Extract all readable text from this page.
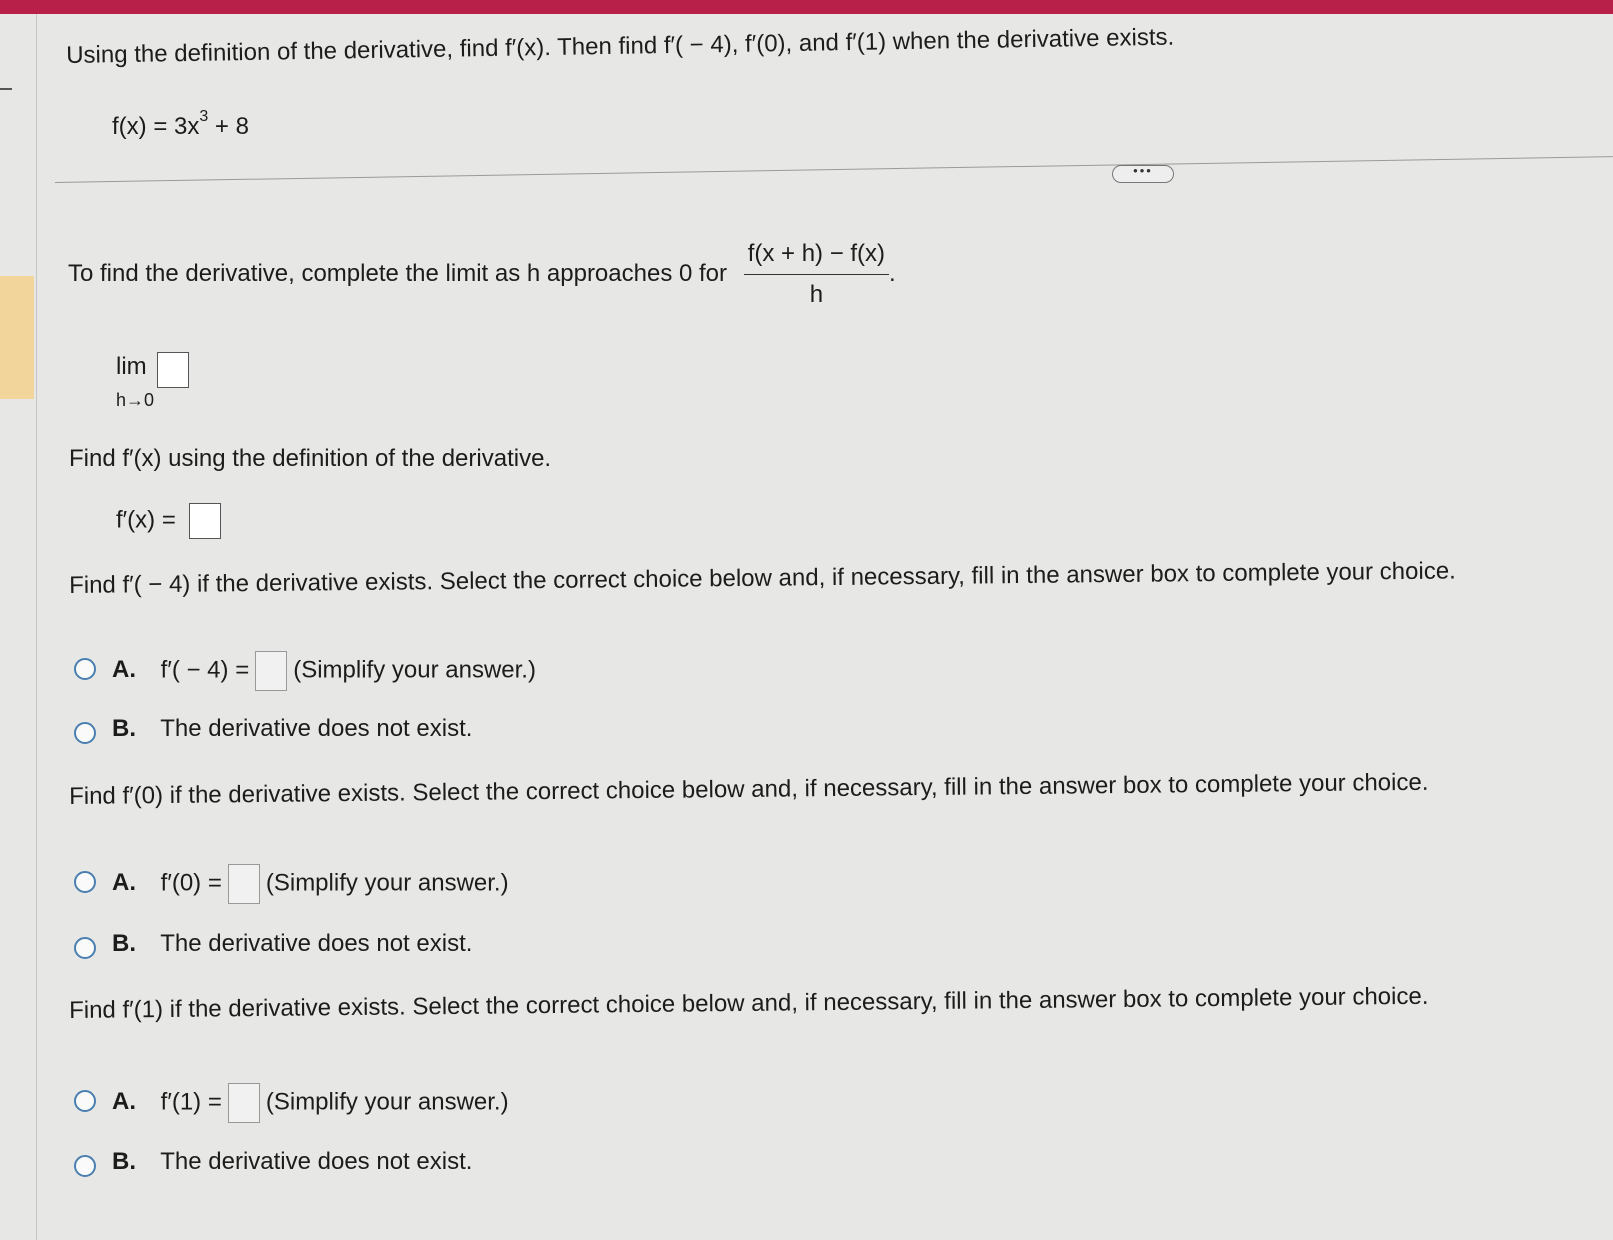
Using the definition of the derivative, find f′(x). Then find f′( − 4), f′(0), and f′(1) when the derivative exists.
$f(x) = 3x^3 + 8$
•••
To find the derivative, complete the limit as h approaches 0 for $\frac{f(x + h) - f(x)}{h}$ .
lim
h→0
Find f′(x) using the definition of the derivative.
f′(x) =
Find f′( − 4) if the derivative exists. Select the correct choice below and, if necessary, fill in the answer box to complete your choice.
A. f′( − 4) = (Simplify your answer.)
B. The derivative does not exist.
Find f′(0) if the derivative exists. Select the correct choice below and, if necessary, fill in the answer box to complete your choice.
A. f′(0) = (Simplify your answer.)
B. The derivative does not exist.
Find f′(1) if the derivative exists. Select the correct choice below and, if necessary, fill in the answer box to complete your choice.
A. f′(1) = (Simplify your answer.)
B. The derivative does not exist.
